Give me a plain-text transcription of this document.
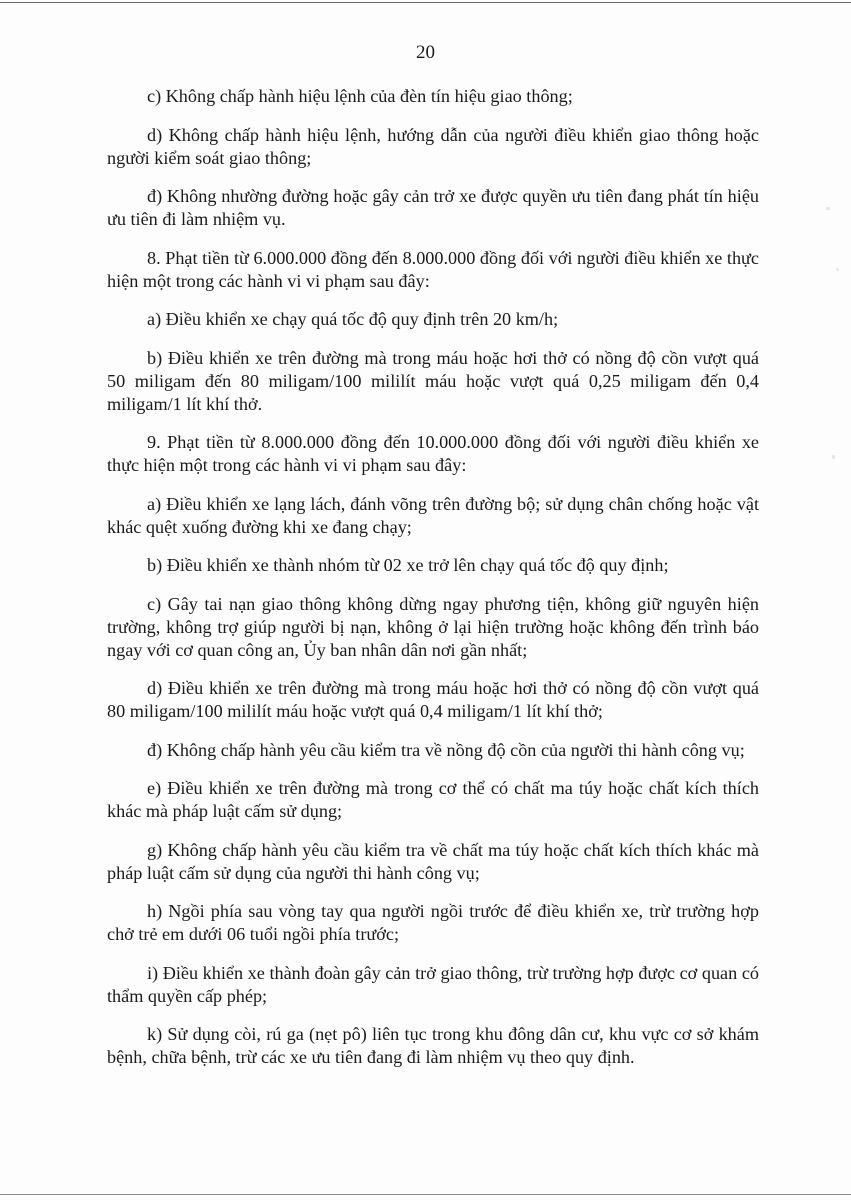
20

c) Không chấp hành hiệu lệnh của đèn tín hiệu giao thông;

d) Không chấp hành hiệu lệnh, hướng dẫn của người điều khiển giao thông hoặc người kiểm soát giao thông;

đ) Không nhường đường hoặc gây cản trở xe được quyền ưu tiên đang phát tín hiệu ưu tiên đi làm nhiệm vụ.

8. Phạt tiền từ 6.000.000 đồng đến 8.000.000 đồng đối với người điều khiển xe thực hiện một trong các hành vi vi phạm sau đây:

a) Điều khiển xe chạy quá tốc độ quy định trên 20 km/h;

b) Điều khiển xe trên đường mà trong máu hoặc hơi thở có nồng độ cồn vượt quá 50 miligam đến 80 miligam/100 mililít máu hoặc vượt quá 0,25 miligam đến 0,4 miligam/1 lít khí thở.

9. Phạt tiền từ 8.000.000 đồng đến 10.000.000 đồng đối với người điều khiển xe thực hiện một trong các hành vi vi phạm sau đây:

a) Điều khiển xe lạng lách, đánh võng trên đường bộ; sử dụng chân chống hoặc vật khác quệt xuống đường khi xe đang chạy;

b) Điều khiển xe thành nhóm từ 02 xe trở lên chạy quá tốc độ quy định;

c) Gây tai nạn giao thông không dừng ngay phương tiện, không giữ nguyên hiện trường, không trợ giúp người bị nạn, không ở lại hiện trường hoặc không đến trình báo ngay với cơ quan công an, Ủy ban nhân dân nơi gần nhất;

d) Điều khiển xe trên đường mà trong máu hoặc hơi thở có nồng độ cồn vượt quá 80 miligam/100 mililít máu hoặc vượt quá 0,4 miligam/1 lít khí thở;

đ) Không chấp hành yêu cầu kiểm tra về nồng độ cồn của người thi hành công vụ;

e) Điều khiển xe trên đường mà trong cơ thể có chất ma túy hoặc chất kích thích khác mà pháp luật cấm sử dụng;

g) Không chấp hành yêu cầu kiểm tra về chất ma túy hoặc chất kích thích khác mà pháp luật cấm sử dụng của người thi hành công vụ;

h) Ngồi phía sau vòng tay qua người ngồi trước để điều khiển xe, trừ trường hợp chở trẻ em dưới 06 tuổi ngồi phía trước;

i) Điều khiển xe thành đoàn gây cản trở giao thông, trừ trường hợp được cơ quan có thẩm quyền cấp phép;

k) Sử dụng còi, rú ga (nẹt pô) liên tục trong khu đông dân cư, khu vực cơ sở khám bệnh, chữa bệnh, trừ các xe ưu tiên đang đi làm nhiệm vụ theo quy định.
